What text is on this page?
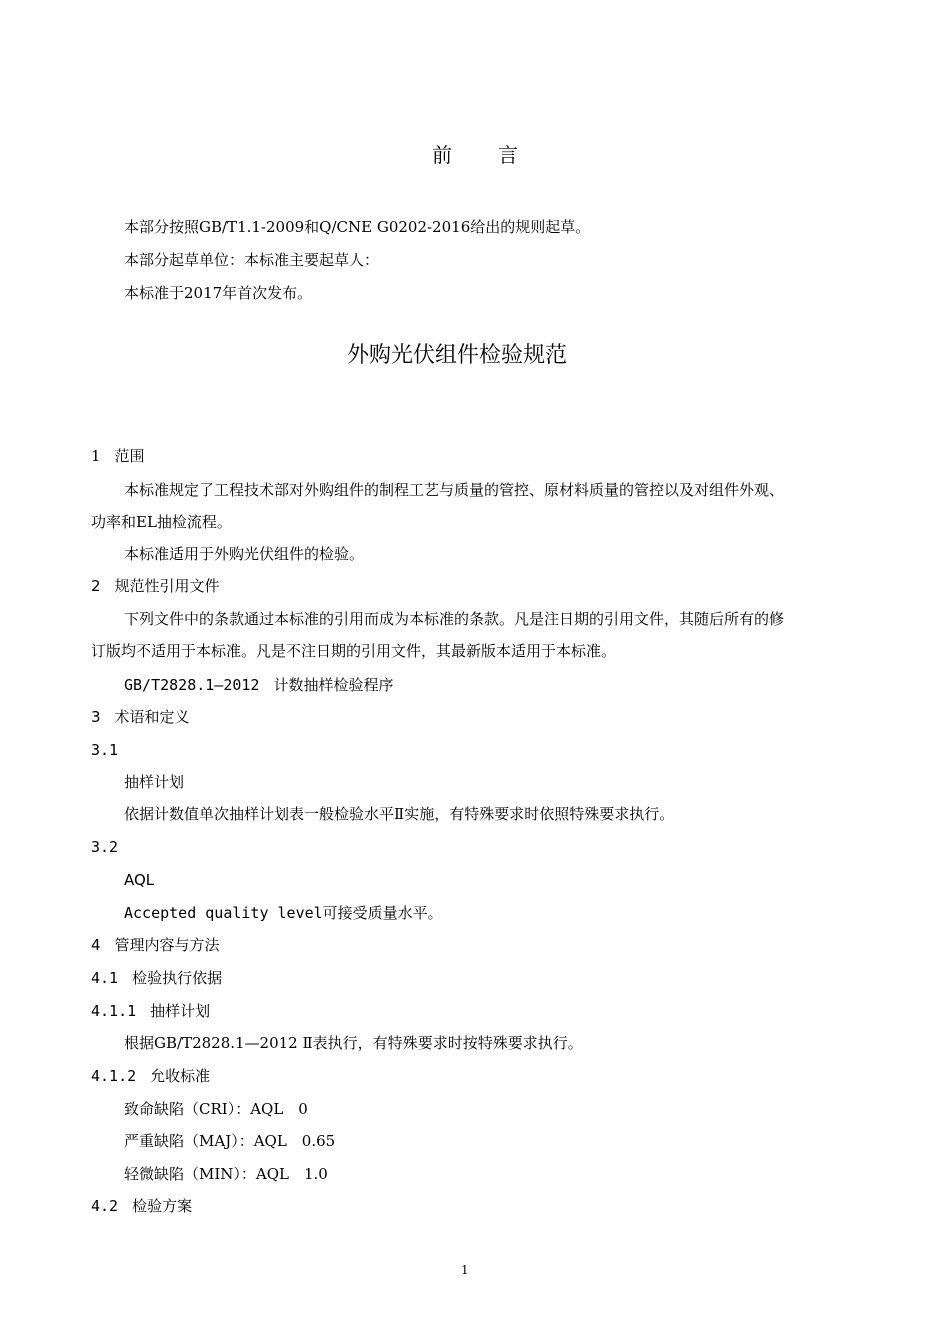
前言
本部分按照GB/T1.1-2009和Q/CNE G0202-2016给出的规则起草。
本部分起草单位：本标准主要起草人：
本标准于2017年首次发布。
外购光伏组件检验规范
1 范围
本标准规定了工程技术部对外购组件的制程工艺与质量的管控、原材料质量的管控以及对组件外观、
功率和EL抽检流程。
本标准适用于外购光伏组件的检验。
2 规范性引用文件
下列文件中的条款通过本标准的引用而成为本标准的条款。凡是注日期的引用文件，其随后所有的修
订版均不适用于本标准。凡是不注日期的引用文件，其最新版本适用于本标准。
GB/T2828.1—2012 计数抽样检验程序
3 术语和定义
3.1
抽样计划
依据计数值单次抽样计划表一般检验水平Ⅱ实施，有特殊要求时依照特殊要求执行。
3.2
AQL
Accepted quality level可接受质量水平。
4 管理内容与方法
4.1 检验执行依据
4.1.1 抽样计划
根据GB/T2828.1—2012 Ⅱ表执行，有特殊要求时按特殊要求执行。
4.1.2 允收标准
致命缺陷（CRI）：AQL　0
严重缺陷（MAJ）：AQL　0.65
轻微缺陷（MIN）：AQL　1.0
4.2 检验方案
1
